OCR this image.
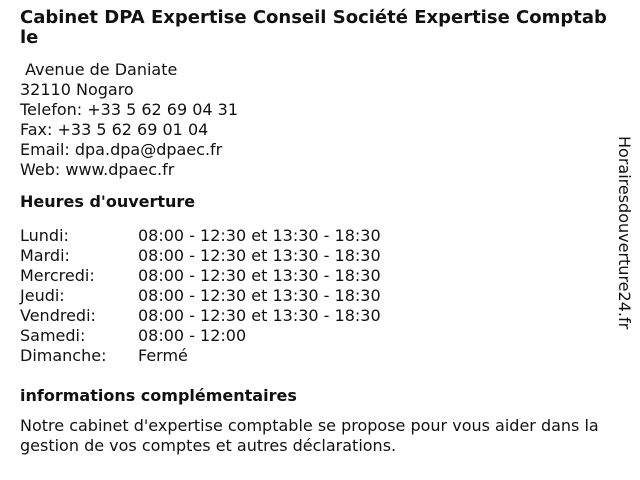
Cabinet DPA Expertise Conseil Société Expertise Comptable
Avenue de Daniate
32110 Nogaro
Telefon: +33 5 62 69 04 31
Fax: +33 5 62 69 01 04
Email: dpa.dpa@dpaec.fr
Web: www.dpaec.fr
Heures d'ouverture
Lundi:	08:00 - 12:30 et 13:30 - 18:30
Mardi:	08:00 - 12:30 et 13:30 - 18:30
Mercredi:	08:00 - 12:30 et 13:30 - 18:30
Jeudi:	08:00 - 12:30 et 13:30 - 18:30
Vendredi:	08:00 - 12:30 et 13:30 - 18:30
Samedi:	08:00 - 12:00
Dimanche:	Fermé
informations complémentaires
Notre cabinet d'expertise comptable se propose pour vous aider dans la gestion de vos comptes et autres déclarations.
Horairesdouverture24.fr
